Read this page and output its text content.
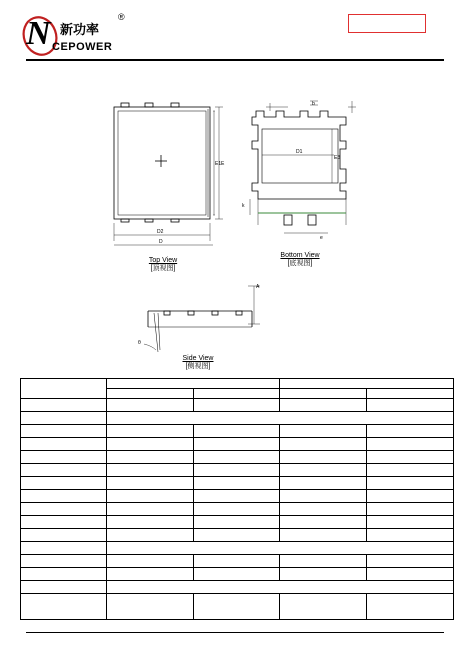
N 新功率
®
CEPOWER
D2
D
E1 E
Top View
[顶视图]
D1
E3
k
b
e
Bottom View
[底视图]
A
θ
Side View
[侧视图]
